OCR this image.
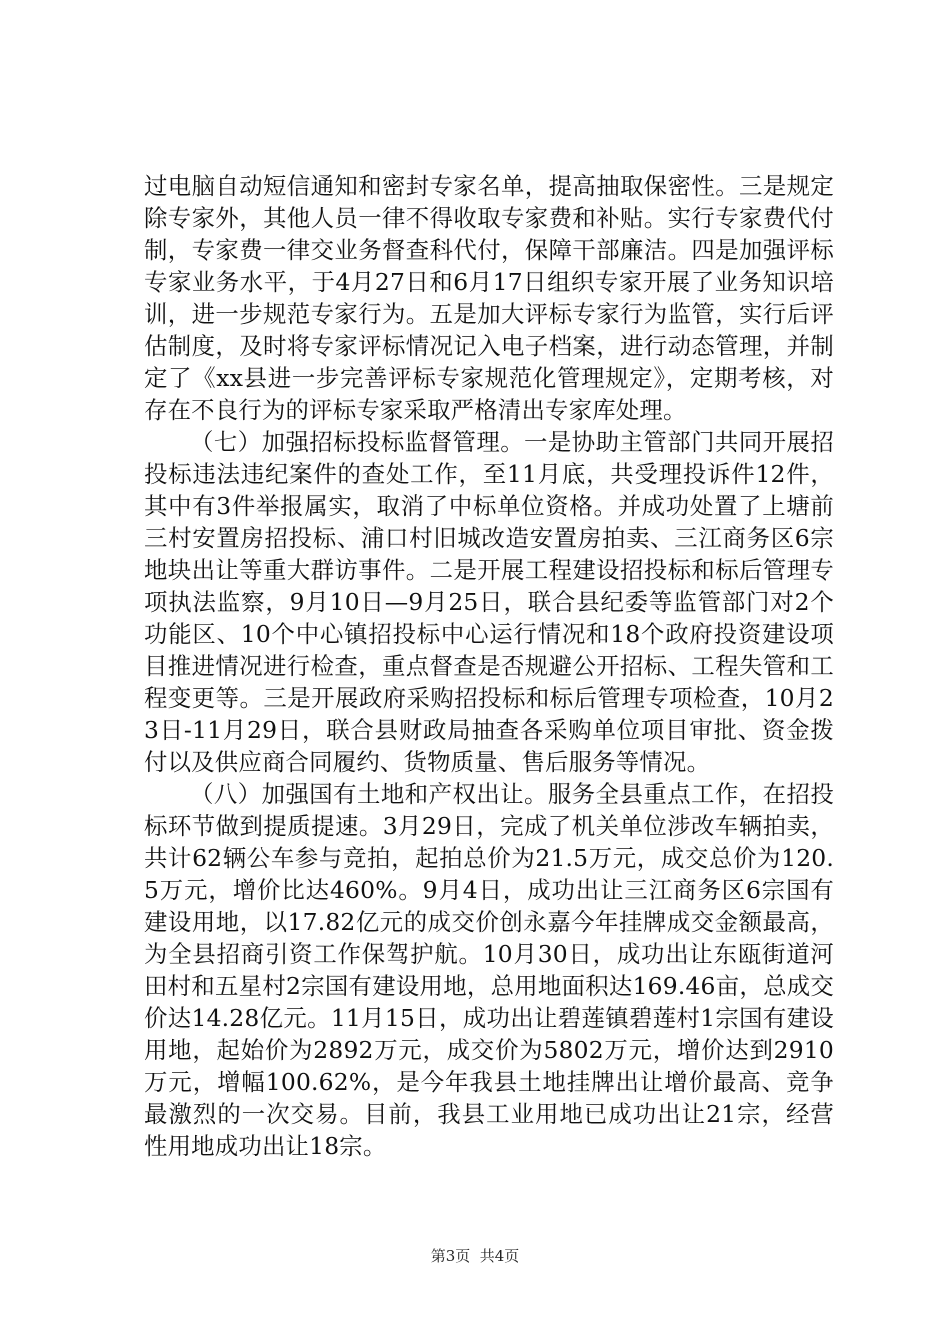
过电脑自动短信通知和密封专家名单，提高抽取保密性。三是规定除专家外，其他人员一律不得收取专家费和补贴。实行专家费代付制，专家费一律交业务督查科代付，保障干部廉洁。四是加强评标专家业务水平，于4月27日和6月17日组织专家开展了业务知识培训，进一步规范专家行为。五是加大评标专家行为监管，实行后评估制度，及时将专家评标情况记入电子档案，进行动态管理，并制定了《xx县进一步完善评标专家规范化管理规定》，定期考核，对存在不良行为的评标专家采取严格清出专家库处理。

（七）加强招标投标监督管理。一是协助主管部门共同开展招投标违法违纪案件的查处工作，至11月底，共受理投诉件12件，其中有3件举报属实，取消了中标单位资格。并成功处置了上塘前三村安置房招投标、浦口村旧城改造安置房拍卖、三江商务区6宗地块出让等重大群访事件。二是开展工程建设招投标和标后管理专项执法监察，9月10日—9月25日，联合县纪委等监管部门对2个功能区、10个中心镇招投标中心运行情况和18个政府投资建设项目推进情况进行检查，重点督查是否规避公开招标、工程失管和工程变更等。三是开展政府采购招投标和标后管理专项检查，10月23日-11月29日，联合县财政局抽查各采购单位项目审批、资金拨付以及供应商合同履约、货物质量、售后服务等情况。

（八）加强国有土地和产权出让。服务全县重点工作，在招投标环节做到提质提速。3月29日，完成了机关单位涉改车辆拍卖，共计62辆公车参与竞拍，起拍总价为21.5万元，成交总价为120.5万元，增价比达460%。9月4日，成功出让三江商务区6宗国有建设用地，以17.82亿元的成交价创永嘉今年挂牌成交金额最高，为全县招商引资工作保驾护航。10月30日，成功出让东瓯街道河田村和五星村2宗国有建设用地，总用地面积达169.46亩，总成交价达14.28亿元。11月15日，成功出让碧莲镇碧莲村1宗国有建设用地，起始价为2892万元，成交价为5802万元，增价达到2910万元，增幅100.62%，是今年我县土地挂牌出让增价最高、竞争最激烈的一次交易。目前，我县工业用地已成功出让21宗，经营性用地成功出让18宗。

第3页  共4页
